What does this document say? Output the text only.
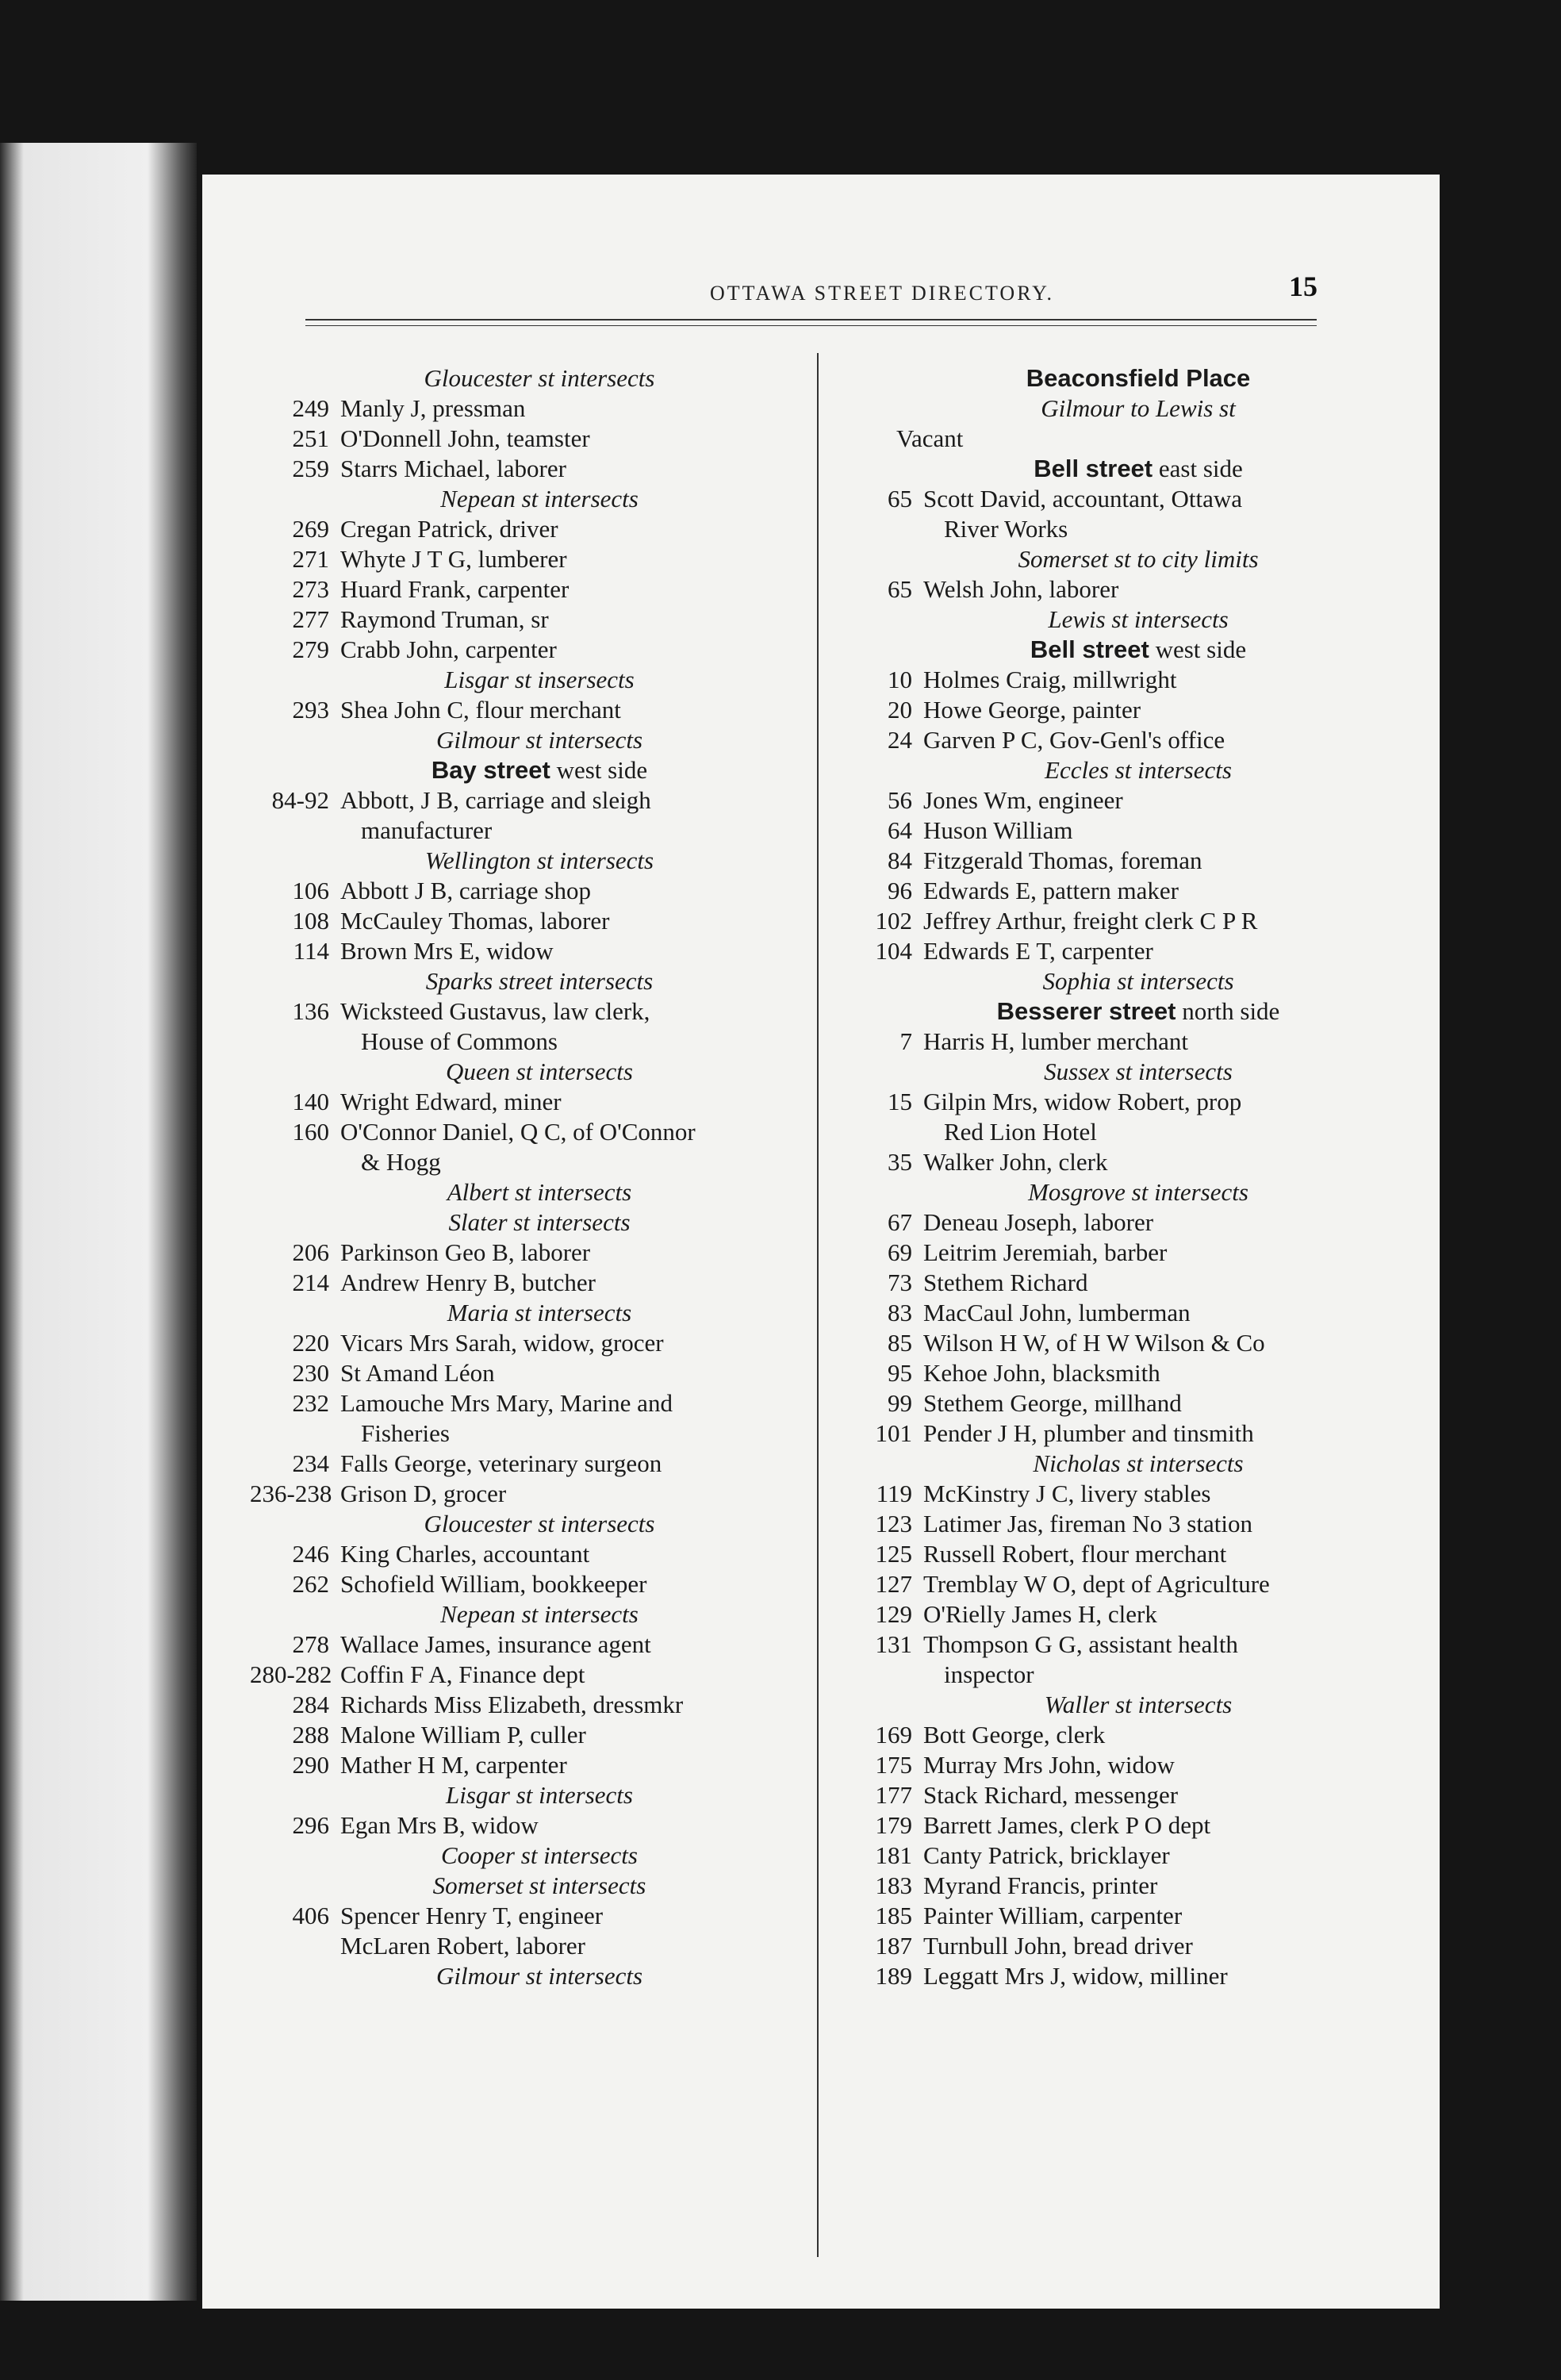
OTTAWA STREET DIRECTORY.	15
Gloucester st intersects
249 Manly J, pressman
251 O'Donnell John, teamster
259 Starrs Michael, laborer
Nepean st intersects
269 Cregan Patrick, driver
271 Whyte J T G, lumberer
273 Huard Frank, carpenter
277 Raymond Truman, sr
279 Crabb John, carpenter
Lisgar st insersects
293 Shea John C, flour merchant
Gilmour st intersects
Bay street west side
84-92 Abbott, J B, carriage and sleigh
manufacturer
Wellington st intersects
106 Abbott J B, carriage shop
108 McCauley Thomas, laborer
114 Brown Mrs E, widow
Sparks street intersects
136 Wicksteed Gustavus, law clerk,
House of Commons
Queen st intersects
140 Wright Edward, miner
160 O'Connor Daniel, Q C, of O'Connor
& Hogg
Albert st intersects
Slater st intersects
206 Parkinson Geo B, laborer
214 Andrew Henry B, butcher
Maria st intersects
220 Vicars Mrs Sarah, widow, grocer
230 St Amand Léon
232 Lamouche Mrs Mary, Marine and
Fisheries
234 Falls George, veterinary surgeon
236-238 Grison D, grocer
Gloucester st intersects
246 King Charles, accountant
262 Schofield William, bookkeeper
Nepean st intersects
278 Wallace James, insurance agent
280-282 Coffin F A, Finance dept
284 Richards Miss Elizabeth, dressmkr
288 Malone William P, culler
290 Mather H M, carpenter
Lisgar st intersects
296 Egan Mrs B, widow
Cooper st intersects
Somerset st intersects
406 Spencer Henry T, engineer
McLaren Robert, laborer
Gilmour st intersects
Beaconsfield Place
Gilmour to Lewis st
Vacant
Bell street east side
65 Scott David, accountant, Ottawa
River Works
Somerset st to city limits
65 Welsh John, laborer
Lewis st intersects
Bell street west side
10 Holmes Craig, millwright
20 Howe George, painter
24 Garven P C, Gov-Genl's office
Eccles st intersects
56 Jones Wm, engineer
64 Huson William
84 Fitzgerald Thomas, foreman
96 Edwards E, pattern maker
102 Jeffrey Arthur, freight clerk C P R
104 Edwards E T, carpenter
Sophia st intersects
Besserer street north side
7 Harris H, lumber merchant
Sussex st intersects
15 Gilpin Mrs, widow Robert, prop
Red Lion Hotel
35 Walker John, clerk
Mosgrove st intersects
67 Deneau Joseph, laborer
69 Leitrim Jeremiah, barber
73 Stethem Richard
83 MacCaul John, lumberman
85 Wilson H W, of H W Wilson & Co
95 Kehoe John, blacksmith
99 Stethem George, millhand
101 Pender J H, plumber and tinsmith
Nicholas st intersects
119 McKinstry J C, livery stables
123 Latimer Jas, fireman No 3 station
125 Russell Robert, flour merchant
127 Tremblay W O, dept of Agriculture
129 O'Rielly James H, clerk
131 Thompson G G, assistant health
inspector
Waller st intersects
169 Bott George, clerk
175 Murray Mrs John, widow
177 Stack Richard, messenger
179 Barrett James, clerk P O dept
181 Canty Patrick, bricklayer
183 Myrand Francis, printer
185 Painter William, carpenter
187 Turnbull John, bread driver
189 Leggatt Mrs J, widow, milliner
